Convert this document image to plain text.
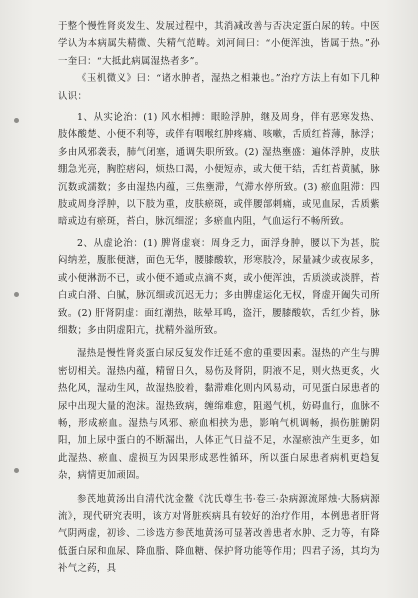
于整个慢性肾炎发生、发展过程中，其消减改善与否决定蛋白尿的转。中医学认为本病属失精微、失精气范畴。刘河间曰：“小便浑浊，皆属于热。”孙一奎曰：“大抵此病属湿热者多”。

《玉机微义》曰：“诸水肿者，湿热之相兼也。”治疗方法上有如下几种认识：

1、从实论治：(1) 风水相搏：眼睑浮肿，继及周身，伴有恶寒发热、肢体酸楚、小便不利等，或伴有咽喉红肿疼痛、咳嗽，舌质红苔薄，脉浮；多由风邪袭表，肺气闭塞，通调失职所致。(2) 湿热壅盛：遍体浮肿，皮肤绷急光亮，胸腔痞闷，烦热口渴，小便短赤，或大便干结，舌红苔黄腻，脉沉数或濡数；多由湿热内蕴，三焦壅滞，气滞水停所致。(3) 瘀血阻滞：四肢或周身浮肿，以下肢为重，皮肤瘀斑，或伴腰部刺痛，或见血尿，舌质紫暗或边有瘀斑，苔白，脉沉细涩；多瘀血内阻，气血运行不畅所致。

2、从虚论治：(1) 脾肾虚衰：周身乏力，面浮身肿，腰以下为甚，脘闷纳差，腹胀便溏，面色无华，腰膝酸软，形寒肢冷，尿量减少或夜尿多，或小便淋沥不已，或小便不通或点滴不爽，或小便浑浊，舌质淡或淡胖，苔白或白滑、白腻，脉沉细或沉迟无力；多由脾虚运化无权，肾虚开阖失司所致。(2) 肝肾阴虚：面红潮热，眩晕耳鸣，盗汗，腰膝酸软，舌红少苔，脉细数；多由阴虚阳亢，扰精外溢所致。

湿热是慢性肾炎蛋白尿反复发作迁延不愈的重要因素。湿热的产生与脾密切相关。湿热内蕴，精留日久，易伤及肾阴，阴液不足，则火热更炙，火热化风，湿动生风，故湿热胶着，黏滞难化则内风易动，可见蛋白尿患者的尿中出现大量的泡沫。湿热致病，缠绵难愈，阻遏气机，妨碍血行，血脉不畅，形成瘀血。湿热与风邪、瘀血相挟为患，影响气机调畅，损伤脏腑阴阳，加上尿中蛋白的不断漏出，人体正气日益不足，水湿瘀浊产生更多，如此湿热、瘀血、虚损互为因果形成恶性循环，所以蛋白尿患者病机更趋复杂，病情更加顽固。

参芪地黄汤出自清代沈金鳌《沈氏尊生书·卷三·杂病源流犀烛·大肠病源流》，现代研究表明，该方对肾脏疾病具有较好的治疗作用，本例患者肝肾气阴两虚，初诊、二诊选方参芪地黄汤可显著改善患者水肿、乏力等，有降低蛋白尿和血尿、降血脂、降血糖、保护肾功能等作用；四君子汤，其均为补气之药，具
